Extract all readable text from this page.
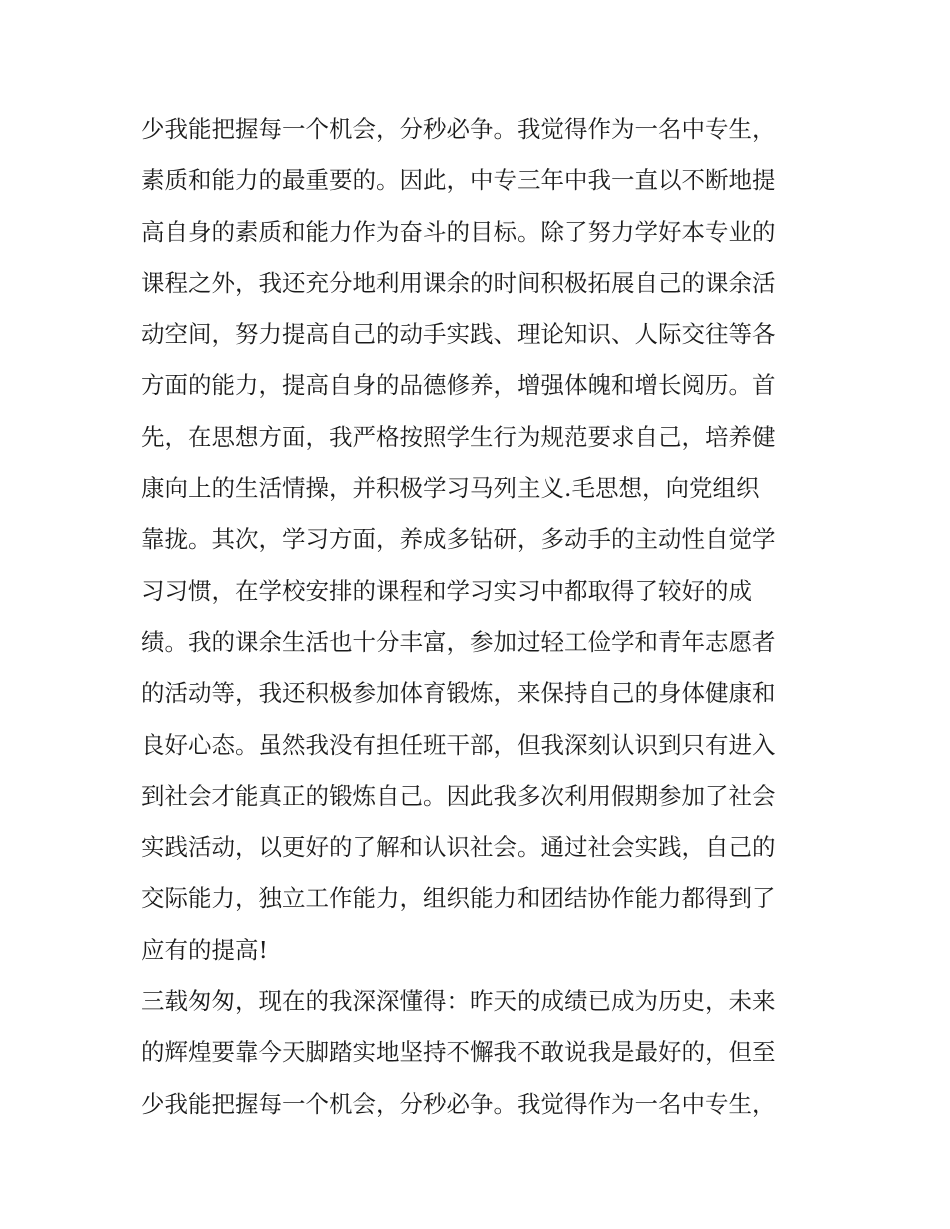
少我能把握每一个机会，分秒必争。我觉得作为一名中专生，
素质和能力的最重要的。因此，中专三年中我一直以不断地提
高自身的素质和能力作为奋斗的目标。除了努力学好本专业的
课程之外，我还充分地利用课余的时间积极拓展自己的课余活
动空间，努力提高自己的动手实践、理论知识、人际交往等各
方面的能力，提高自身的品德修养，增强体魄和增长阅历。首
先，在思想方面，我严格按照学生行为规范要求自己，培养健
康向上的生活情操，并积极学习马列主义.毛思想，向党组织
靠拢。其次，学习方面，养成多钻研，多动手的主动性自觉学
习习惯，在学校安排的课程和学习实习中都取得了较好的成
绩。我的课余生活也十分丰富，参加过轻工俭学和青年志愿者
的活动等，我还积极参加体育锻炼，来保持自己的身体健康和
良好心态。虽然我没有担任班干部，但我深刻认识到只有进入
到社会才能真正的锻炼自己。因此我多次利用假期参加了社会
实践活动，以更好的了解和认识社会。通过社会实践，自己的
交际能力，独立工作能力，组织能力和团结协作能力都得到了
应有的提高!
三载匆匆，现在的我深深懂得：昨天的成绩已成为历史，未来
的辉煌要靠今天脚踏实地坚持不懈我不敢说我是最好的，但至
少我能把握每一个机会，分秒必争。我觉得作为一名中专生，
